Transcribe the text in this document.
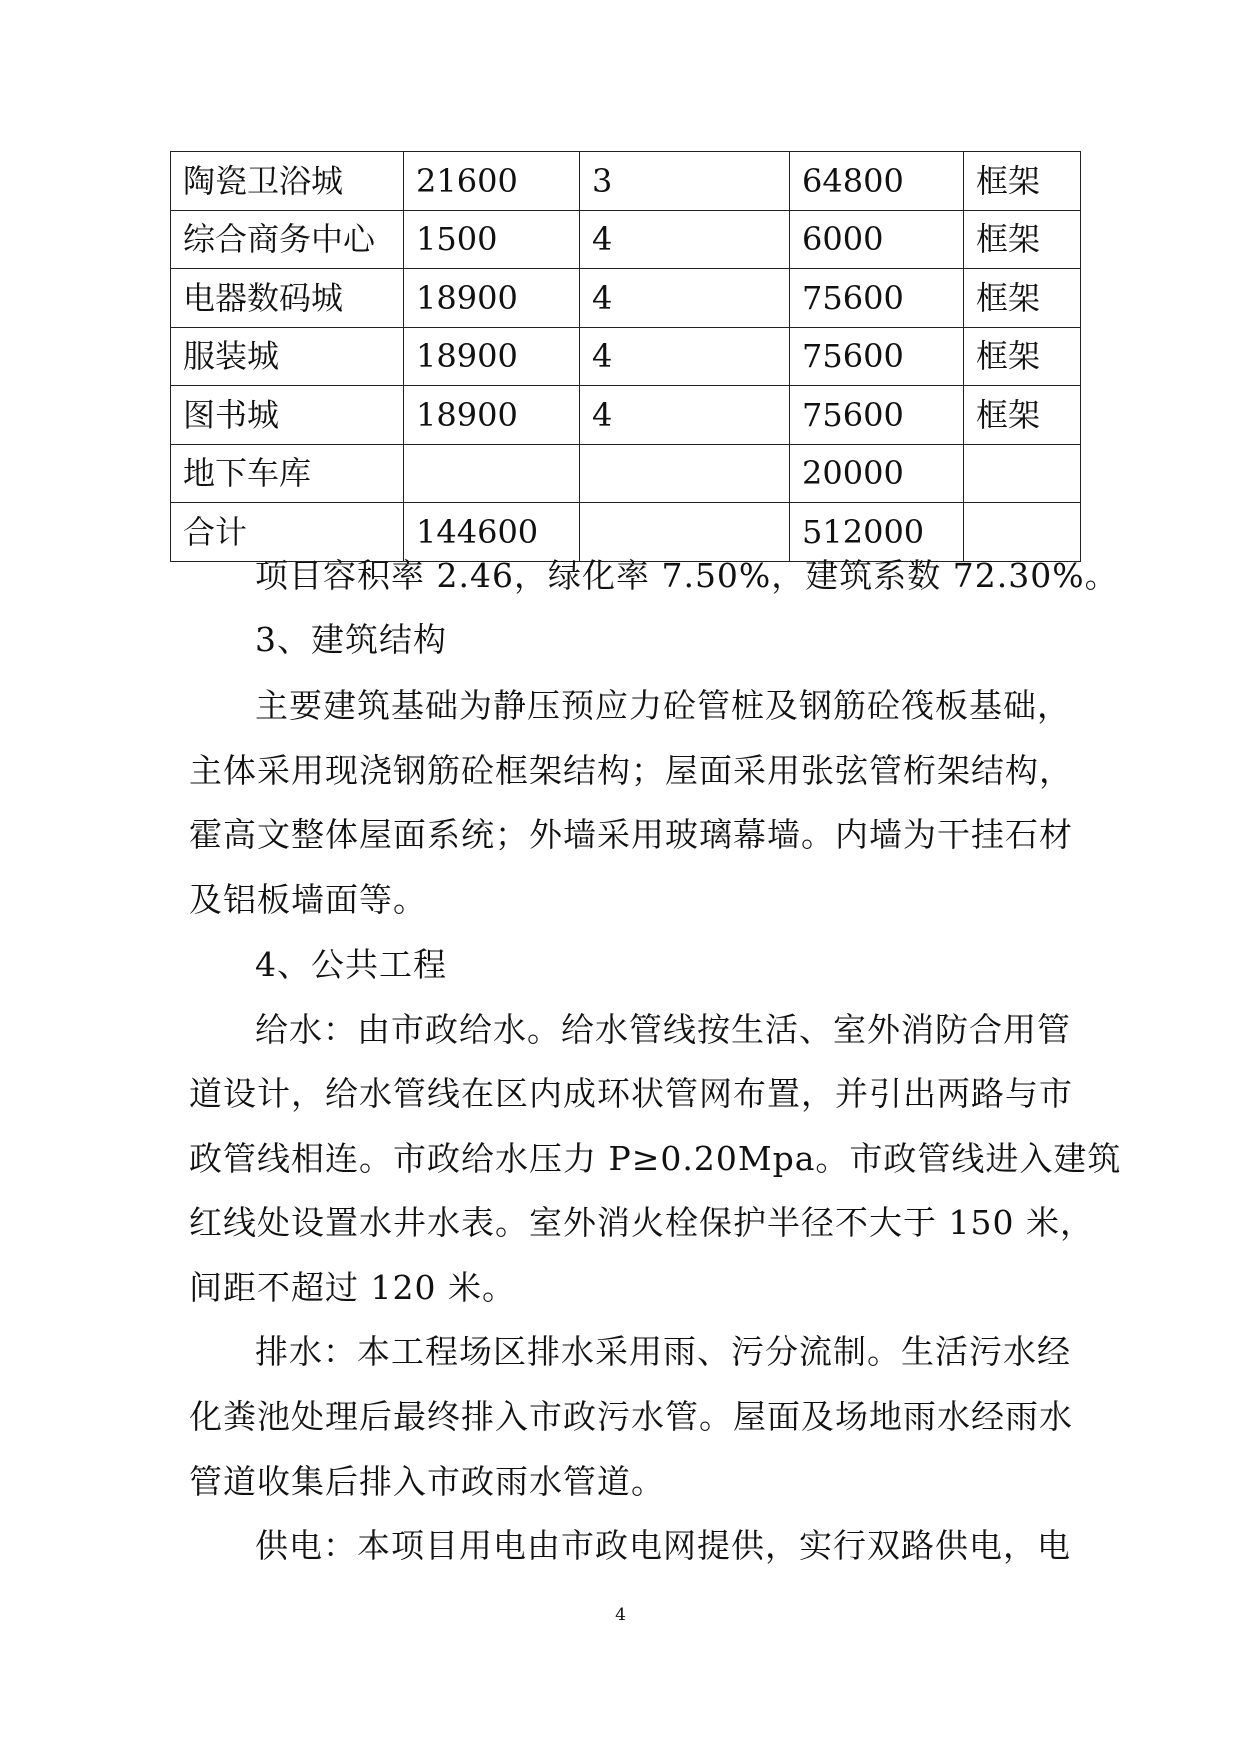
陶瓷卫浴城	21600	3	64800	框架
综合商务中心	1500	4	6000	框架
电器数码城	18900	4	75600	框架
服装城	18900	4	75600	框架
图书城	18900	4	75600	框架
地下车库			20000	
合计	144600		512000	
项目容积率 2.46，绿化率 7.50%，建筑系数 72.30%。
3、建筑结构
主要建筑基础为静压预应力砼管桩及钢筋砼筏板基础，
主体采用现浇钢筋砼框架结构；屋面采用张弦管桁架结构，
霍高文整体屋面系统；外墙采用玻璃幕墙。内墙为干挂石材
及铝板墙面等。
4、公共工程
给水：由市政给水。给水管线按生活、室外消防合用管
道设计，给水管线在区内成环状管网布置，并引出两路与市
政管线相连。市政给水压力 P≥0.20Mpa。市政管线进入建筑
红线处设置水井水表。室外消火栓保护半径不大于 150 米，
间距不超过 120 米。
排水：本工程场区排水采用雨、污分流制。生活污水经
化粪池处理后最终排入市政污水管。屋面及场地雨水经雨水
管道收集后排入市政雨水管道。
供电：本项目用电由市政电网提供，实行双路供电，电
4
